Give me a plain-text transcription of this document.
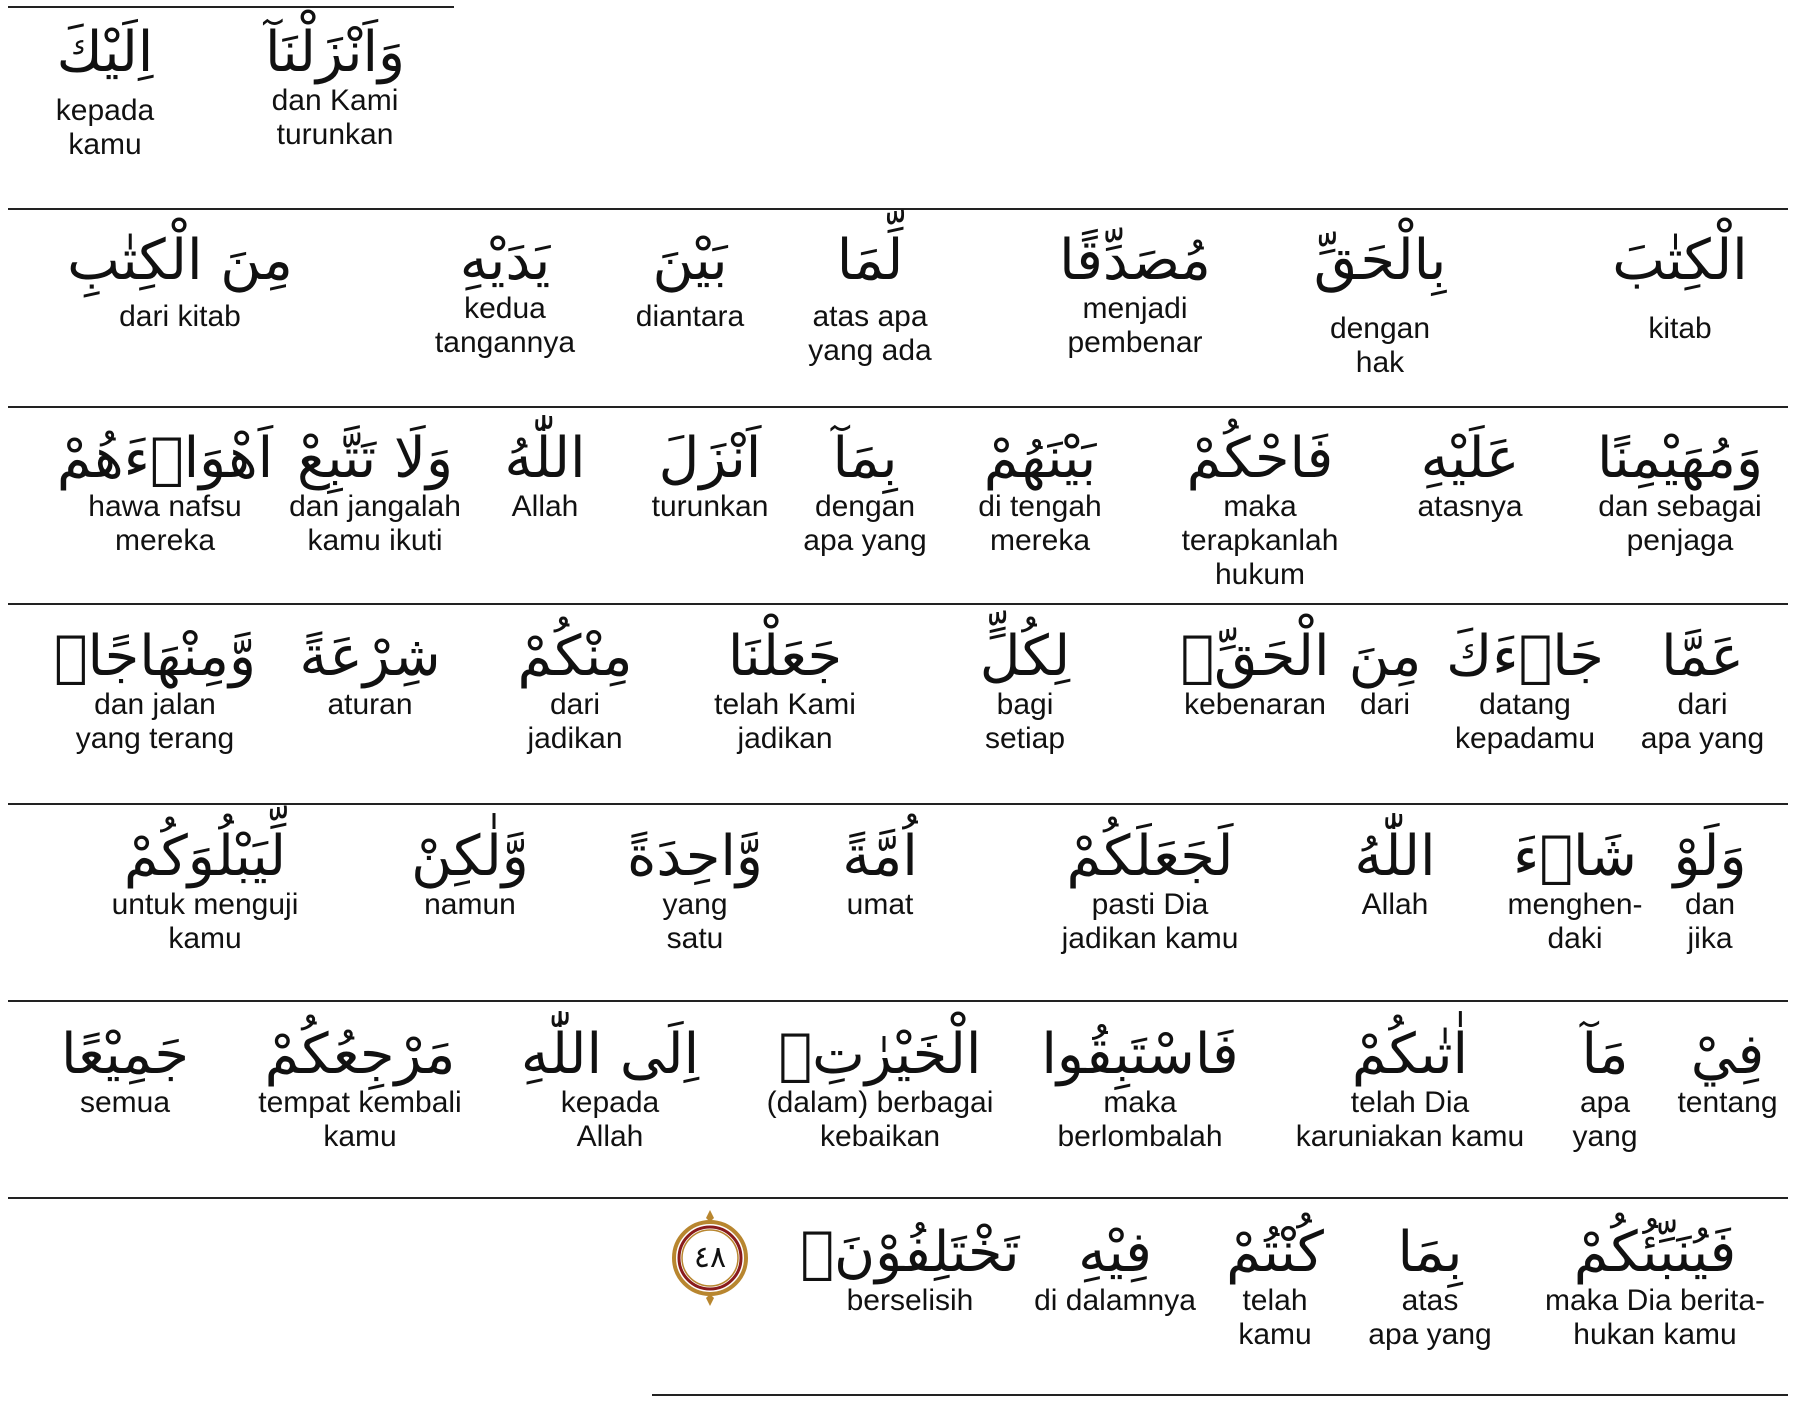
وَاَنْزَلْنَآ
dan Kami
turunkan
اِلَيْكَ
kepada
kamu
الْكِتٰبَ
kitab
بِالْحَقِّ
dengan
hak
مُصَدِّقًا
menjadi
pembenar
لِّمَا
atas apa
yang ada
بَيْنَ
diantara
يَدَيْهِ
kedua
tangannya
مِنَ الْكِتٰبِ
dari kitab
وَمُهَيْمِنًا
dan sebagai
penjaga
عَلَيْهِ
atasnya
فَاحْكُمْ
maka
terapkanlah
hukum
بَيْنَهُمْ
di tengah
mereka
بِمَآ
dengan
apa yang
اَنْزَلَ
turunkan
اللّٰهُ
Allah
وَلَا تَتَّبِعْ
dan jangalah
kamu ikuti
اَهْوَاۤءَهُمْ
hawa nafsu
mereka
عَمَّا
dari
apa yang
جَاۤءَكَ
datang
kepadamu
مِنَ
dari
الْحَقِّۗ
kebenaran
لِكُلٍّ
bagi
setiap
جَعَلْنَا
telah Kami
jadikan
مِنْكُمْ
dari
jadikan
شِرْعَةً
aturan
وَّمِنْهَاجًاۗ
dan jalan
yang terang
وَلَوْ
dan
jika
شَاۤءَ
menghen-
daki
اللّٰهُ
Allah
لَجَعَلَكُمْ
pasti Dia
jadikan kamu
اُمَّةً
umat
وَّاحِدَةً
yang
satu
وَّلٰكِنْ
namun
لِّيَبْلُوَكُمْ
untuk menguji
kamu
فِيْ
tentang
مَآ
apa
yang
اٰتٰىكُمْ
telah Dia
karuniakan kamu
فَاسْتَبِقُوا
maka
berlombalah
الْخَيْرٰتِۗ
(dalam) berbagai
kebaikan
اِلَى اللّٰهِ
kepada
Allah
مَرْجِعُكُمْ
tempat kembali
kamu
جَمِيْعًا
semua
فَيُنَبِّئُكُمْ
maka Dia berita-
hukan kamu
بِمَا
atas
apa yang
كُنْتُمْ
telah
kamu
فِيْهِ
di dalamnya
تَخْتَلِفُوْنَۙ
berselisih
٤٨
